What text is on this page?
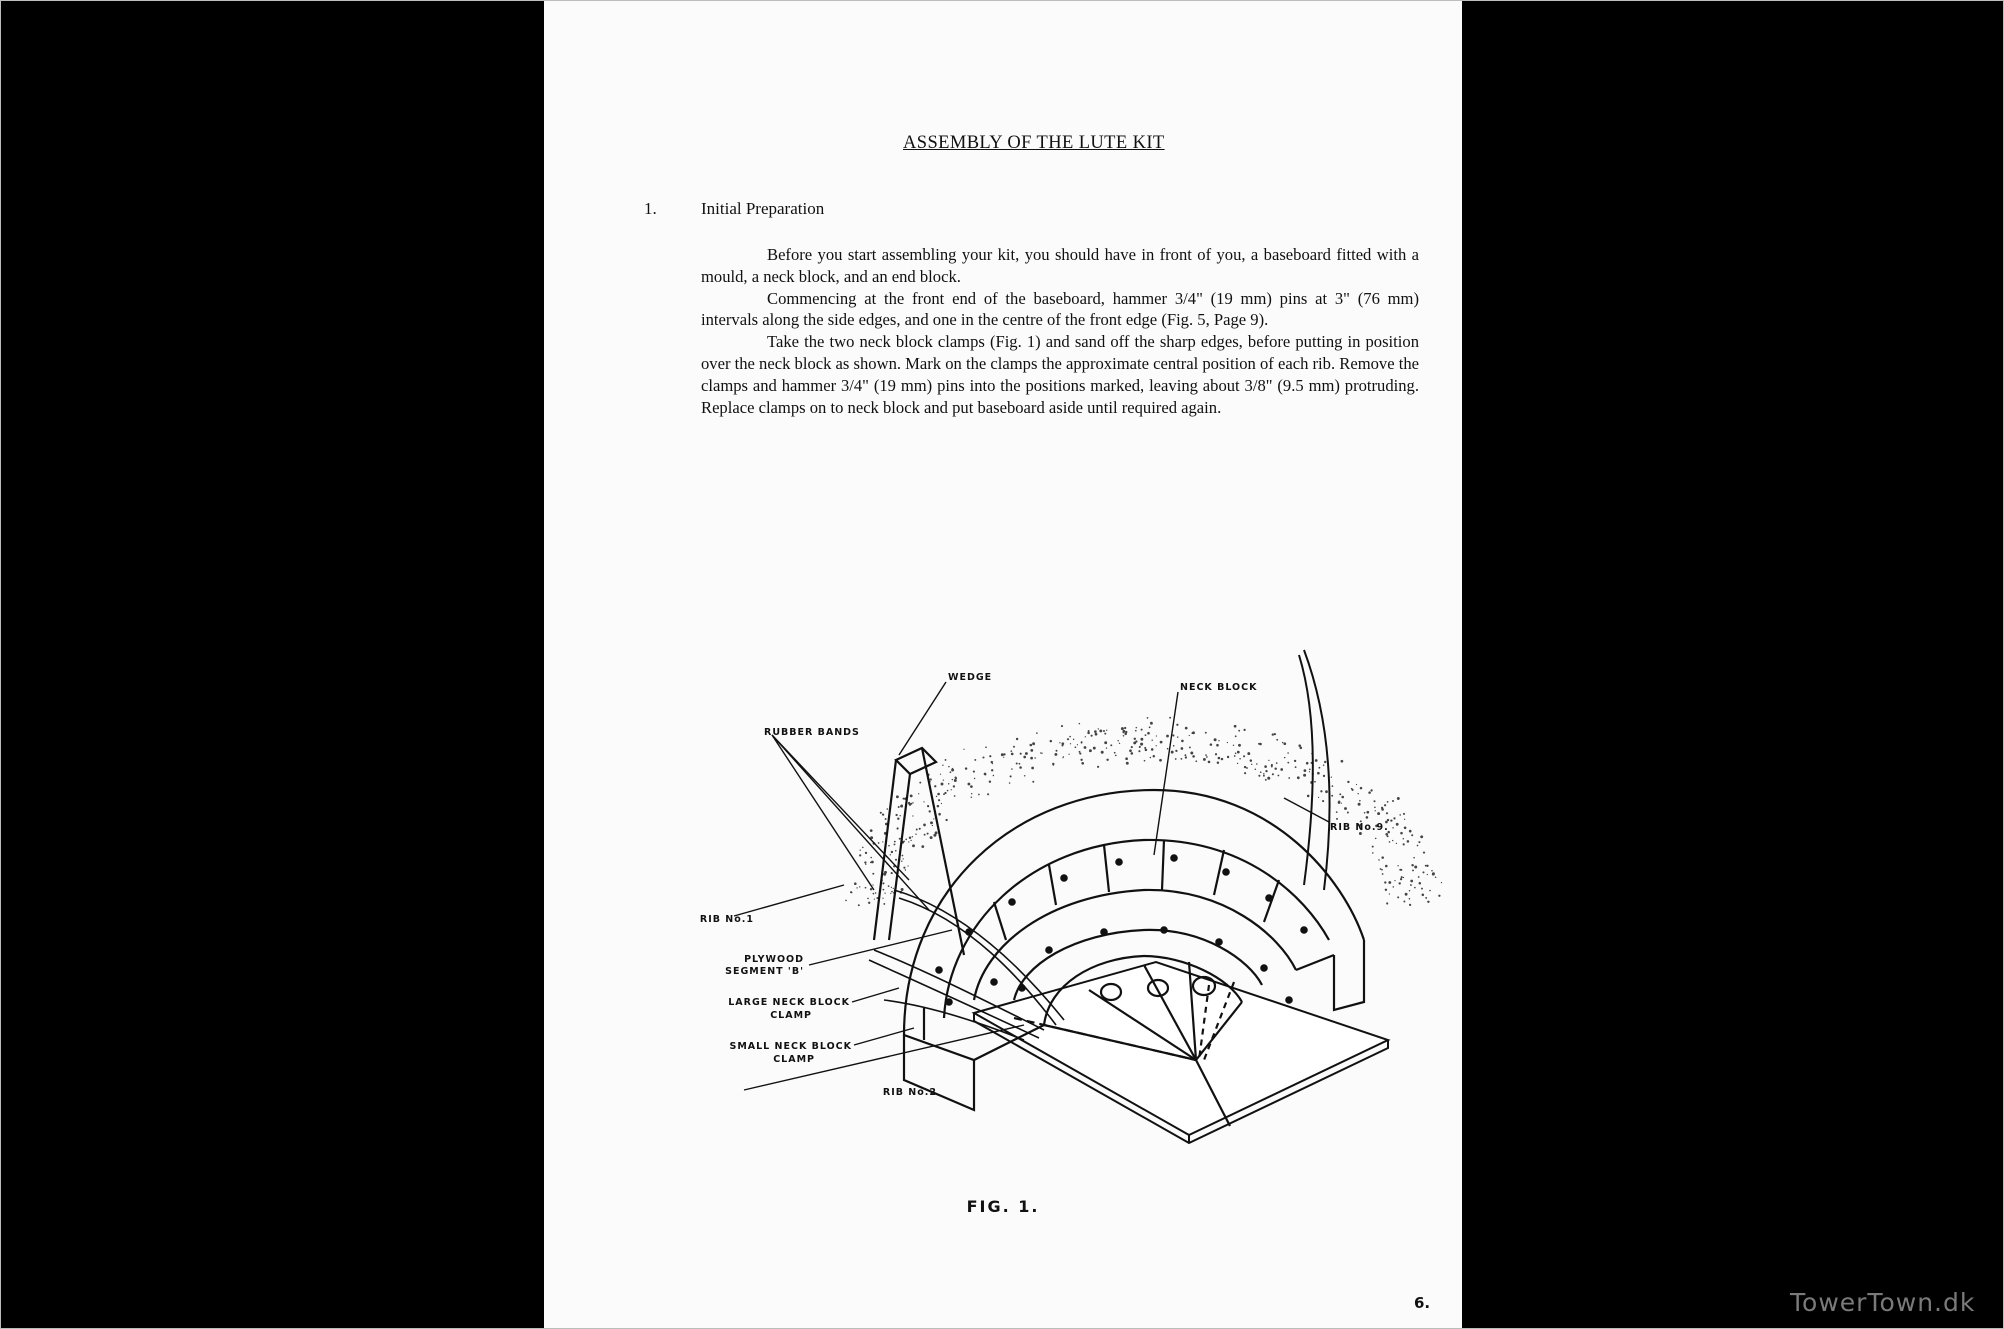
ASSEMBLY OF THE LUTE KIT
1.	Initial Preparation

Before you start assembling your kit, you should have in front of you, a baseboard fitted with a mould, a neck block, and an end block.

Commencing at the front end of the baseboard, hammer 3/4" (19 mm) pins at 3" (76 mm) intervals along the side edges, and one in the centre of the front edge (Fig. 5, Page 9).

Take the two neck block clamps (Fig. 1) and sand off the sharp edges, before putting in position over the neck block as shown. Mark on the clamps the approximate central position of each rib. Remove the clamps and hammer 3/4" (19 mm) pins into the positions marked, leaving about 3/8" (9.5 mm) protruding. Replace clamps on to neck block and put baseboard aside until required again.

WEDGE
NECK BLOCK
RUBBER BANDS
RIB No.9.
RIB No.1
PLYWOOD
SEGMENT 'B'
LARGE NECK BLOCK
CLAMP
SMALL NECK BLOCK
CLAMP
RIB No.2
FIG. 1.
6.	TowerTown.dk
